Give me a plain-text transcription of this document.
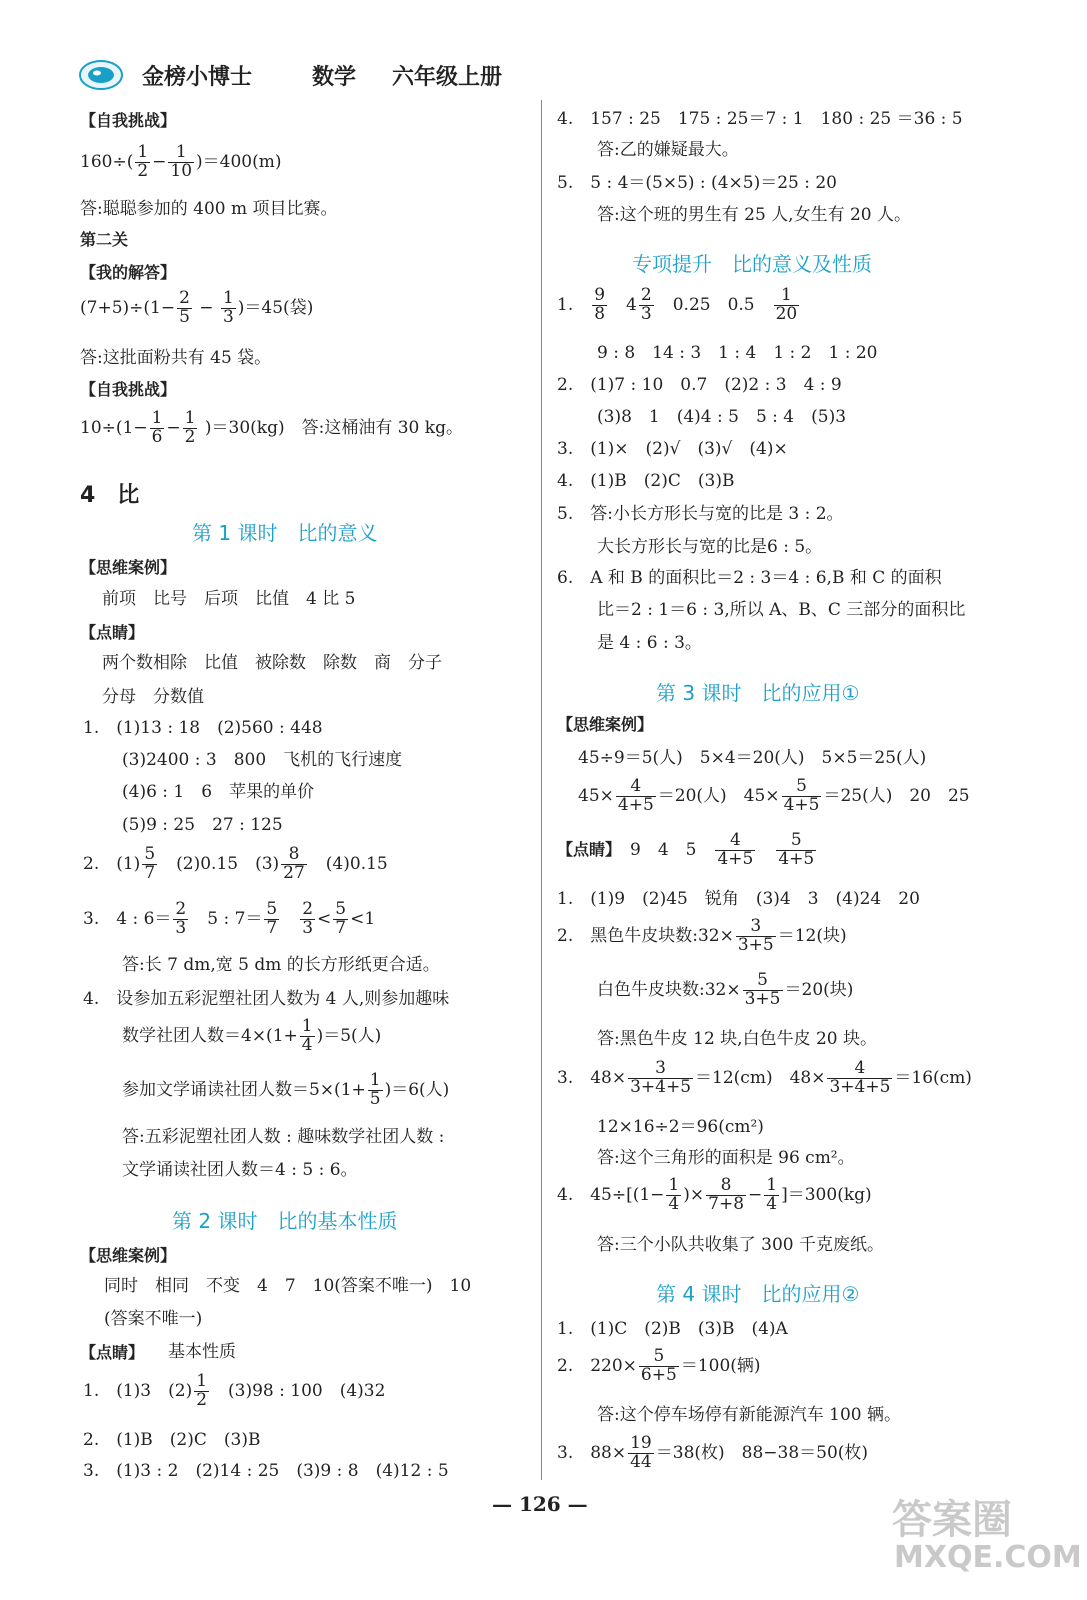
金榜小博士	数学 六年级上册
【自我挑战】
$160\div( \frac{1}{2} - \frac{1}{10} )=400(m)$
答:聪聪参加的 400 m 项目比赛。
第二关
【我的解答】
$(7+5)\div(1- \frac{2}{5} - \frac{1}{3} )=45$(袋)
答:这批面粉共有 45 袋。
【自我挑战】
$10\div(1- \frac{1}{6} - \frac{1}{2} )=30(kg)$　答:这桶油有 30 kg。
4　比
第 1 课时　比的意义
【思维案例】
前项　比号　后项　比值　4 比 5
【点睛】
两个数相除　比值　被除数　除数　商　分子
分母　分数值
1.　(1)13 : 18　(2)560 : 448
(3)2400 : 3　800　飞机的飞行速度
(4)6 : 1　6　苹果的单价
(5)9 : 25　27 : 125
2.　$(1) \frac{5}{7}$ 　(2)0.15　$(3) \frac{8}{27}$ 　(4)0.15
3.　4 : $6= \frac{2}{3}$ 　5 : $7= \frac{5}{7}$
　 $\frac{2}{3} < \frac{5}{7} <1$
答:长 7 dm,宽 5 dm 的长方形纸更合适。
4.　设参加五彩泥塑社团人数为 4 人,则参加趣味
数学社团人数$=4\times(1+ \frac{1}{4} )=5$(人)
参加文学诵读社团人数$=5\times(1+ \frac{1}{5} )=6$(人)
答:五彩泥塑社团人数 : 趣味数学社团人数 :
文学诵读社团人数＝4 : 5 : 6。
第 2 课时　比的基本性质
【思维案例】
同时　相同　不变　4　7　10(答案不唯一)　10
(答案不唯一)
【点睛】 基本性质
1.　(1)3　$(2) \frac{1}{2}$ 　(3)98 : 100　(4)32
2.　(1)B　(2)C　(3)B
3.　(1)3 : 2　(2)14 : 25　(3)9 : 8　(4)12 : 5
4.　157 : 25　175 : 25＝7 : 1　180 : 25 ＝36 : 5
答:乙的嫌疑最大。
5.　5 : 4＝(5×5) : (4×5)＝25 : 20
答:这个班的男生有 25 人,女生有 20 人。
专项提升　比的意义及性质
1.　 $\frac{9}{8}$ 　$4 \frac{2}{3}$ 　0.25　0.5　 $\frac{1}{20}$
9 : 8　14 : 3　1 : 4　1 : 2　1 : 20
2.　(1)7 : 10　0.7　(2)2 : 3　4 : 9
(3)8　1　(4)4 : 5　5 : 4　(5)3
3.　(1)×　(2)√　(3)√　(4)×
4.　(1)B　(2)C　(3)B
5.　答:小长方形长与宽的比是 3 : 2。
大长方形长与宽的比是6 : 5。
6.　A 和 B 的面积比＝2 : 3＝4 : 6,B 和 C 的面积
比＝2 : 1＝6 : 3,所以 A、B、C 三部分的面积比
是 4 : 6 : 3。
第 3 课时　比的应用①
【思维案例】
45÷9＝5(人)　5×4＝20(人)　5×5＝25(人)
$45\times \frac{4}{4+5} =20$(人)　$45\times \frac{5}{4+5} =25$(人)　20　25
【点睛】　 9　4　5　 $\frac{4}{4+5}$
　 $\frac{5}{4+5}$
1.　(1)9　(2)45　锐角　(3)4　3　(4)24　20
2.　黑色牛皮块数:32× $\frac{3}{3+5} =12$(块)
白色牛皮块数:32× $\frac{5}{3+5} =20$(块)
答:黑色牛皮 12 块,白色牛皮 20 块。
3.　$48\times \frac{3}{3+4+5} =12(cm)$　$48\times \frac{4}{3+4+5} =16(cm)$
12×16÷2＝96(cm²)
答:这个三角形的面积是 96 cm²。
4.　$45\div[(1- \frac{1}{4}$ )× $\frac{8}{7+8} - \frac{1}{4} ]=300(kg)$
答:三个小队共收集了 300 千克废纸。
第 4 课时　比的应用②
1.　(1)C　(2)B　(3)B　(4)A
2.　$220\times \frac{5}{6+5} =100$(辆)
答:这个停车场停有新能源汽车 100 辆。
3.　$88\times \frac{19}{44} =38$(枚)　88−38＝50(枚)
— 126 —	答案圈
MXQE.COM
